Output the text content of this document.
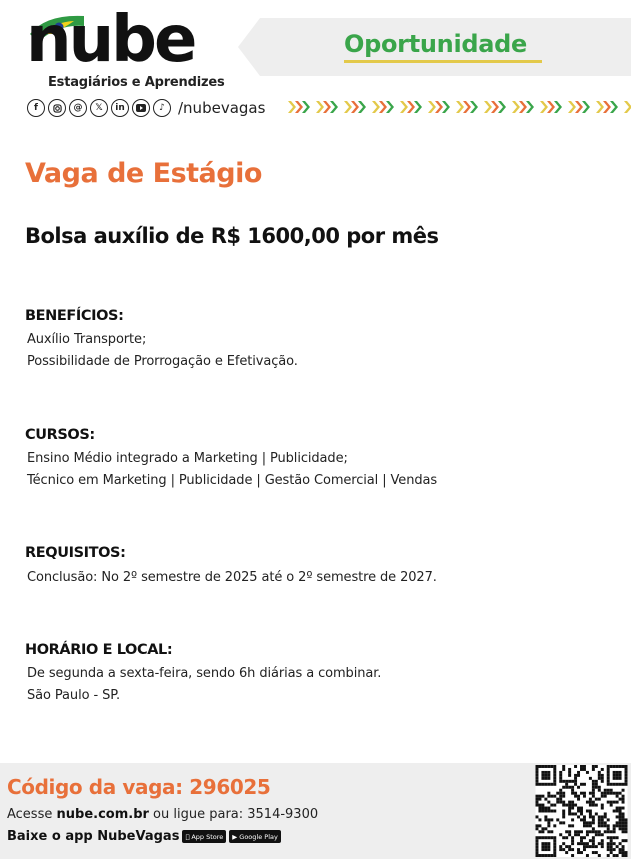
nube
Estagiários e Aprendizes
Oportunidade
f	@	𝕏	in	♪ /nubevagas
Vaga de Estágio
Bolsa auxílio de R$ 1600,00 por mês
BENEFÍCIOS:
Auxílio Transporte;
Possibilidade de Prorrogação e Efetivação.
CURSOS:
Ensino Médio integrado a Marketing | Publicidade;
Técnico em Marketing | Publicidade | Gestão Comercial | Vendas
REQUISITOS:
Conclusão: No 2º semestre de 2025 até o 2º semestre de 2027.
HORÁRIO E LOCAL:
De segunda a sexta-feira, sendo 6h diárias a combinar.
São Paulo - SP.
Código da vaga: 296025
Acesse nube.com.br ou ligue para: 3514-9300
Baixe o app NubeVagas App Store ▶ Google Play
